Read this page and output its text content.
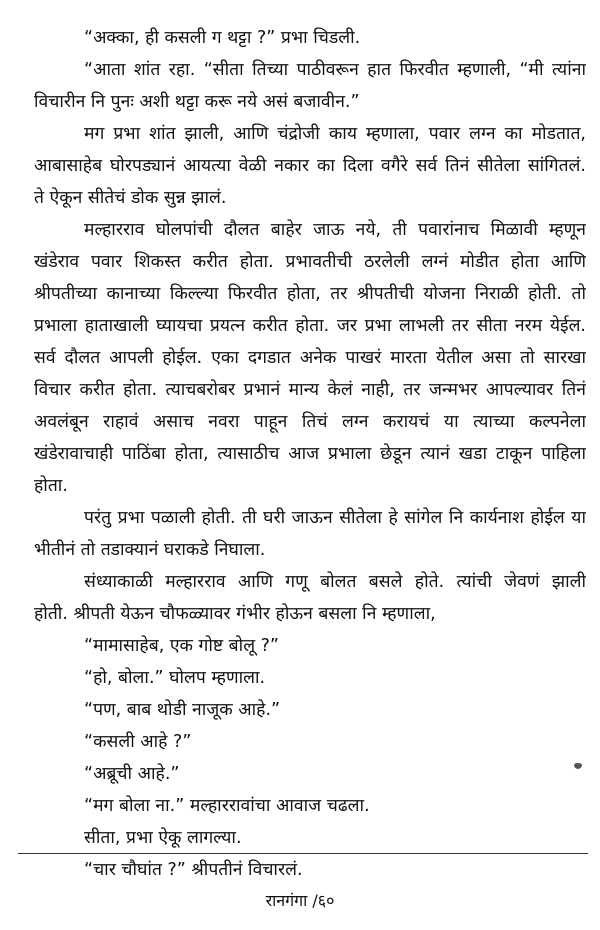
“अक्का, ही कसली ग थट्टा ?” प्रभा चिडली.
“आता शांत रहा. “सीता तिच्या पाठीवरून हात फिरवीत म्हणाली, “मी त्यांना
विचारीन नि पुनः अशी थट्टा करू नये असं बजावीन.”
मग प्रभा शांत झाली, आणि चंद्रोजी काय म्हणाला, पवार लग्न का मोडतात,
आबासाहेब घोरपड्यानं आयत्या वेळी नकार का दिला वगैरे सर्व तिनं सीतेला सांगितलं.
ते ऐकून सीतेचं डोक सुन्न झालं.
मल्हारराव घोलपांची दौलत बाहेर जाऊ नये, ती पवारांनाच मिळावी म्हणून
खंडेराव पवार शिकस्त करीत होता. प्रभावतीची ठरलेली लग्नं मोडीत होता आणि
श्रीपतीच्या कानाच्या किल्ल्या फिरवीत होता, तर श्रीपतीची योजना निराळी होती. तो
प्रभाला हाताखाली घ्यायचा प्रयत्न करीत होता. जर प्रभा लाभली तर सीता नरम येईल.
सर्व दौलत आपली होईल. एका दगडात अनेक पाखरं मारता येतील असा तो सारखा
विचार करीत होता. त्याचबरोबर प्रभानं मान्य केलं नाही, तर जन्मभर आपल्यावर तिनं
अवलंबून राहावं असाच नवरा पाहून तिचं लग्न करायचं या त्याच्या कल्पनेला
खंडेरावाचाही पाठिंबा होता, त्यासाठीच आज प्रभाला छेडून त्यानं खडा टाकून पाहिला
होता.
परंतु प्रभा पळाली होती. ती घरी जाऊन सीतेला हे सांगेल नि कार्यनाश होईल या
भीतीनं तो तडाक्यानं घराकडे निघाला.
संध्याकाळी मल्हारराव आणि गणू बोलत बसले होते. त्यांची जेवणं झाली
होती. श्रीपती येऊन चौफळ्यावर गंभीर होऊन बसला नि म्हणाला,
“मामासाहेब, एक गोष्ट बोलू ?”
“हो, बोला.” घोलप म्हणाला.
“पण, बाब थोडी नाजूक आहे.”
“कसली आहे ?”
“अब्रूची आहे.”
“मग बोला ना.” मल्हाररावांचा आवाज चढला.
सीता, प्रभा ऐकू लागल्या.
“चार चौघांत ?” श्रीपतीनं विचारलं.
रानगंगा /६०
